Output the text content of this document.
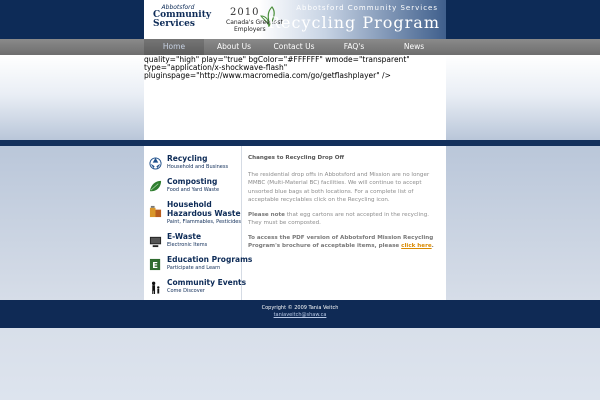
Abbotsford
Community
Services
2010
Canada's Greenest
Employers
Abbotsford Community Services
Recycling Program
Home	About Us	Contact Us	FAQ's	News
quality="high" play="true" bgColor="#FFFFFF" wmode="transparent"
type="application/x-shockwave-flash"
pluginspage="http://www.macromedia.com/go/getflashplayer" />
Recycling
Household and Business
Composting
Food and Yard Waste
Household
Hazardous Waste
Paint, Flammables, Pesticides
E-Waste
Electronic Items
E
Education Programs
Participate and Learn
Community Events
Come Discover

Changes to Recycling Drop Off

The residential drop offs in Abbotsford and Mission are no longer MMBC (Multi-Material BC) facilities. We will continue to accept unsorted blue bags at both locations. For a complete list of acceptable recyclables click on the Recycling icon.

Please note that egg cartons are not accepted in the recycling. They must be composted.

To access the PDF version of Abbotsford Mission Recycling Program's brochure of acceptable items, please click here.

Copyright © 2009 Tania Veitch
taniaveitch@shaw.ca
